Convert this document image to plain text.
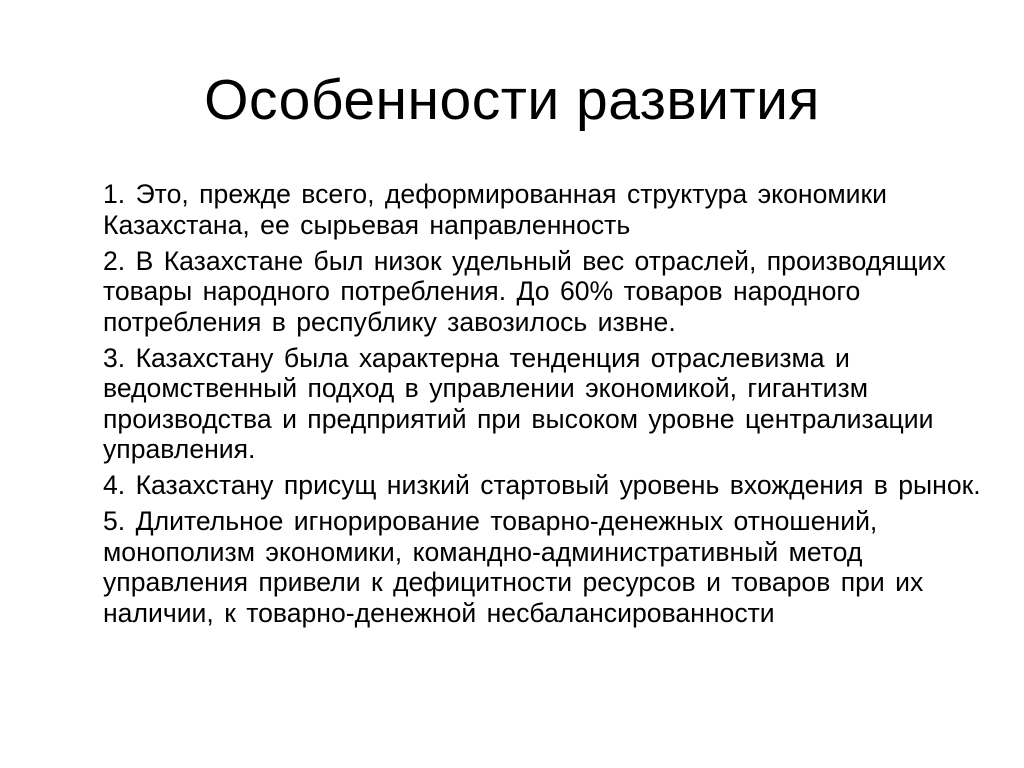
Особенности развития
1. Это, прежде всего, деформированная структура экономики Казахстана, ее сырьевая направленность
2. В Казахстане был низок удельный вес отраслей, производящих товары народного потребления. До 60% товаров народного потребления в республику завозилось извне.
3. Казахстану была характерна тенденция отраслевизма и ведомственный подход в управлении экономикой, гигантизм производства и предприятий при высоком уровне централизации управления.
4. Казахстану присущ низкий стартовый уровень вхождения в рынок.
5. Длительное игнорирование товарно-денежных отношений, монополизм экономики, командно-административный метод управления привели к дефицитности ресурсов и товаров при их наличии, к товарно-денежной несбалансированности
